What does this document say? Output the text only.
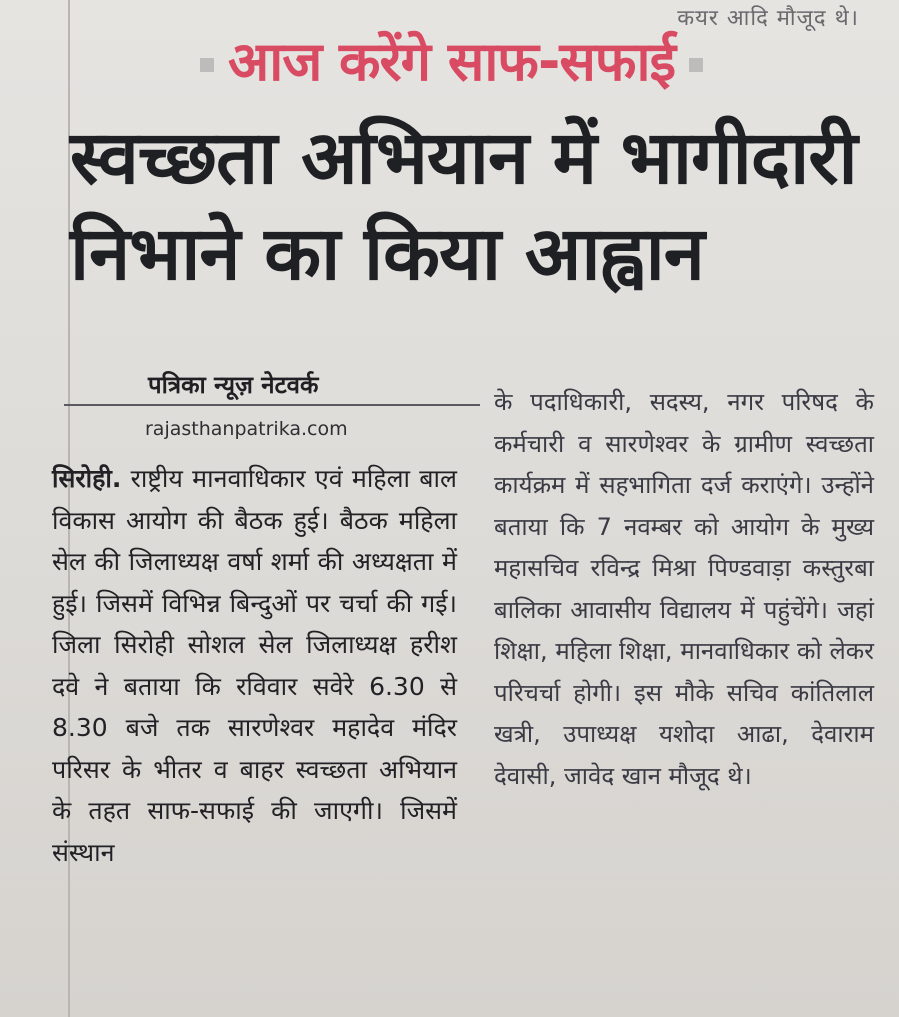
कयर आदि मौजूद थे।
आज करेंगे साफ-सफाई
स्वच्छता अभियान में भागीदारी निभाने का किया आह्वान
पत्रिका न्यूज़ नेटवर्क
rajasthanpatrika.com
सिरोही. राष्ट्रीय मानवाधिकार एवं महिला बाल विकास आयोग की बैठक हुई। बैठक महिला सेल की जिलाध्यक्ष वर्षा शर्मा की अध्यक्षता में हुई। जिसमें विभिन्न बिन्दुओं पर चर्चा की गई। जिला सिरोही सोशल सेल जिलाध्यक्ष हरीश दवे ने बताया कि रविवार सवेरे 6.30 से 8.30 बजे तक सारणेश्वर महादेव मंदिर परिसर के भीतर व बाहर स्वच्छता अभियान के तहत साफ-सफाई की जाएगी। जिसमें संस्थान
के पदाधिकारी, सदस्य, नगर परिषद के कर्मचारी व सारणेश्वर के ग्रामीण स्वच्छता कार्यक्रम में सहभागिता दर्ज कराएंगे। उन्होंने बताया कि 7 नवम्बर को आयोग के मुख्य महासचिव रविन्द्र मिश्रा पिण्डवाड़ा कस्तुरबा बालिका आवासीय विद्यालय में पहुंचेंगे। जहां शिक्षा, महिला शिक्षा, मानवाधिकार को लेकर परिचर्चा होगी। इस मौके सचिव कांतिलाल खत्री, उपाध्यक्ष यशोदा आढा, देवाराम देवासी, जावेद खान मौजूद थे।
